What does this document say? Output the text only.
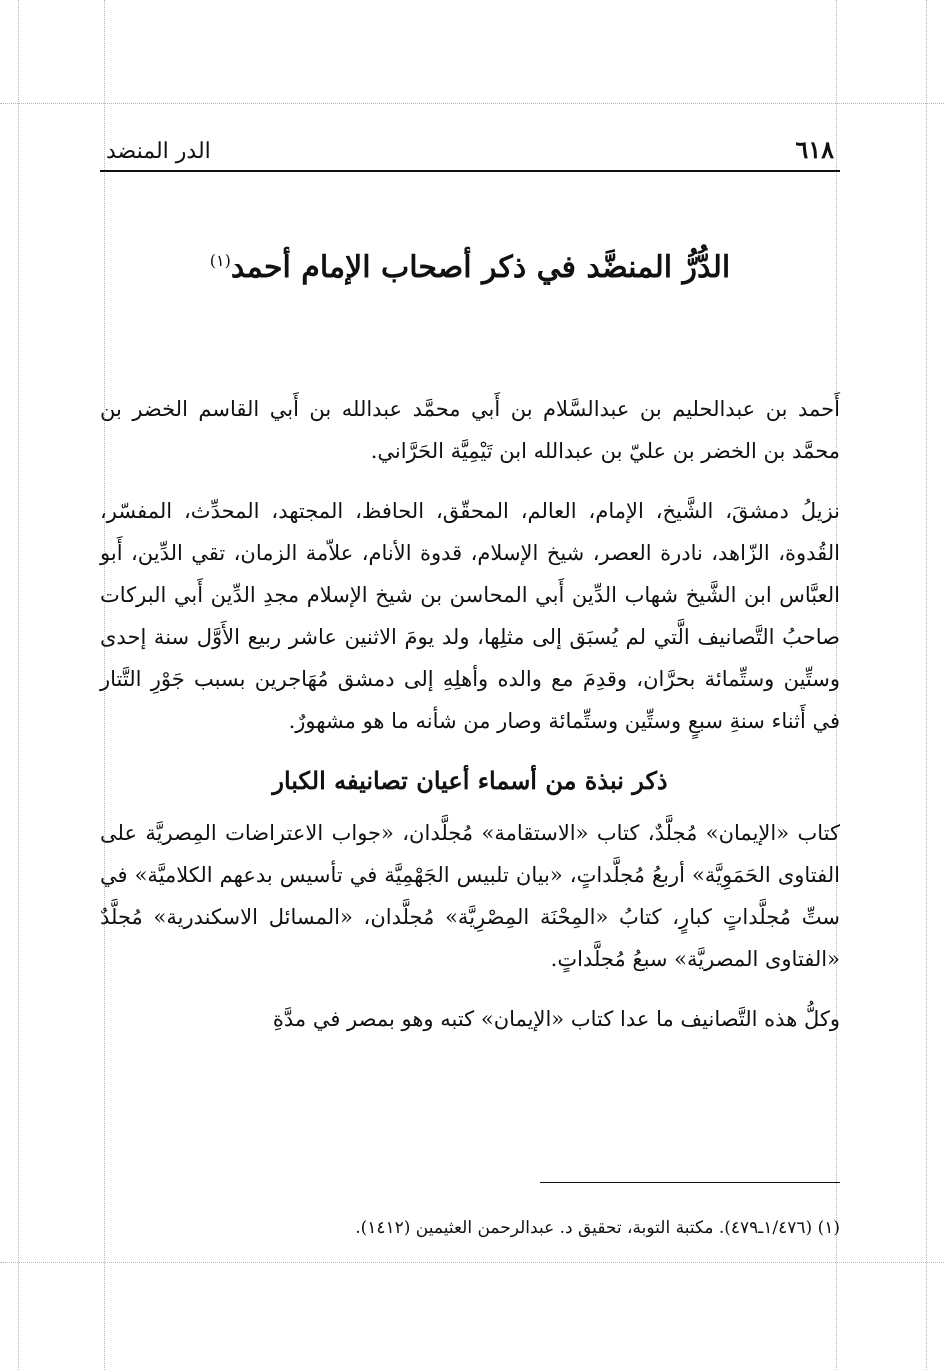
٦١٨
الدر المنضد
الدُّرُّ المنضَّد في ذكر أصحاب الإمام أحمد$^{(١)}$

أَحمد بن عبدالحليم بن عبدالسَّلام بن أَبي محمَّد عبدالله بن أَبي القاسم الخضر بن محمَّد بن الخضر بن عليّ بن عبدالله ابن تَيْمِيَّة الحَرَّاني.

نزيلُ دمشقَ، الشَّيخ، الإمام، العالم، المحقّق، الحافظ، المجتهد، المحدِّث، المفسّر، القُدوة، الزّاهد، نادرة العصر، شيخ الإسلام، قدوة الأنام، علاّمة الزمان، تقي الدِّين، أَبو العبَّاس ابن الشَّيخ شهاب الدِّين أَبي المحاسن بن شيخ الإسلام مجدِ الدِّين أَبي البركات صاحبُ التَّصانيف الَّتي لم يُسبَق إلى مثلِها، ولد يومَ الاثنين عاشر ربيع الأَوَّل سنة إحدى وستِّين وستِّمائة بحرَّان، وقدِمَ مع والده وأهلِهِ إلى دمشق مُهَاجرين بسبب جَوْرِ التَّتار في أَثناء سنةِ سبعٍ وستِّين وستِّمائة وصار من شأنه ما هو مشهورٌ.

ذكر نبذة من أسماء أعيان تصانيفه الكبار

كتاب «الإيمان» مُجلَّدٌ، كتاب «الاستقامة» مُجلَّدان، «جواب الاعتراضات المِصريَّة على الفتاوى الحَمَوِيَّة» أربعُ مُجلَّداتٍ، «بيان تلبيس الجَهْمِيَّة في تأسيس بدعهم الكلاميَّة» في ستِّ مُجلَّداتٍ كبارٍ، كتابُ «المِحْنَة المِصْرِيَّة» مُجلَّدان، «المسائل الاسكندرية» مُجلَّدٌ «الفتاوى المصريَّة» سبعُ مُجلَّداتٍ.

وكلُّ هذه التَّصانيف ما عدا كتاب «الإيمان» كتبه وهو بمصر في مدَّةِ

(١) (١/٤٧٦ـ٤٧٩). مكتبة التوبة، تحقيق د. عبدالرحمن العثيمين (١٤١٢).
